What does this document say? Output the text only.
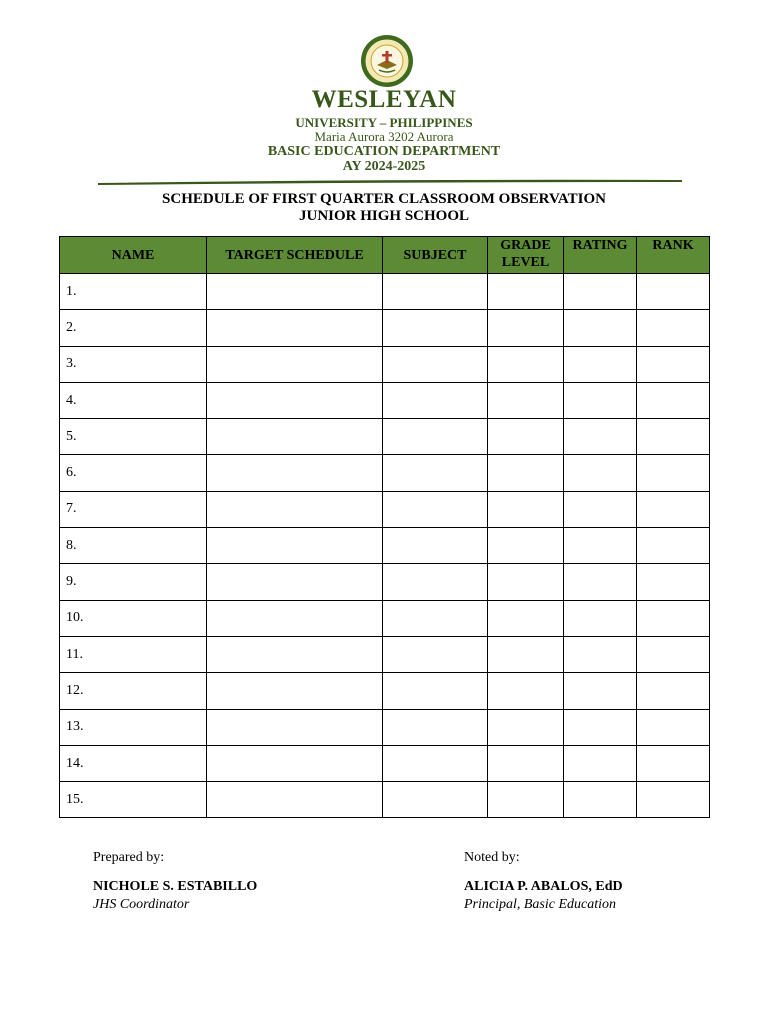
WESLEYAN
UNIVERSITY – PHILIPPINES
Maria Aurora 3202 Aurora
BASIC EDUCATION DEPARTMENT
AY 2024-2025
SCHEDULE OF FIRST QUARTER CLASSROOM OBSERVATION
JUNIOR HIGH SCHOOL
NAME	TARGET SCHEDULE	SUBJECT	GRADE LEVEL	RATING	RANK
1.					
2.					
3.					
4.					
5.					
6.					
7.					
8.					
9.					
10.					
11.					
12.					
13.					
14.					
15.					
Prepared by:
NICHOLE S. ESTABILLO
JHS Coordinator
Noted by:
ALICIA P. ABALOS, EdD
Principal, Basic Education
